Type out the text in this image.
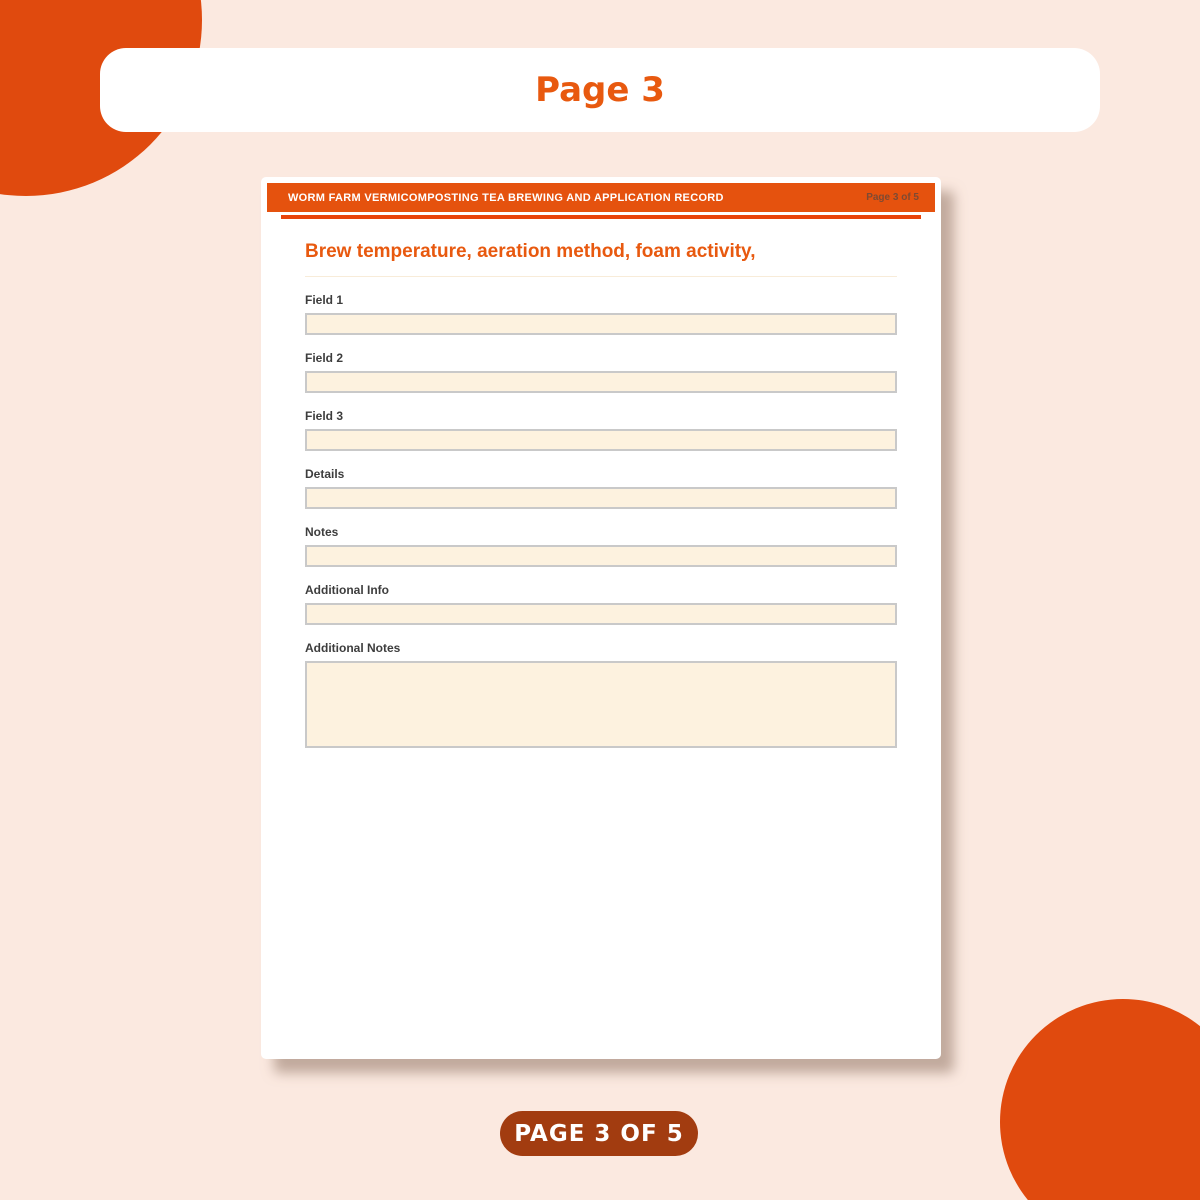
Page 3
WORM FARM VERMICOMPOSTING TEA BREWING AND APPLICATION RECORD	Page 3 of 5
Brew temperature, aeration method, foam activity,
Field 1
Field 2
Field 3
Details
Notes
Additional Info
Additional Notes
PAGE 3 OF 5
